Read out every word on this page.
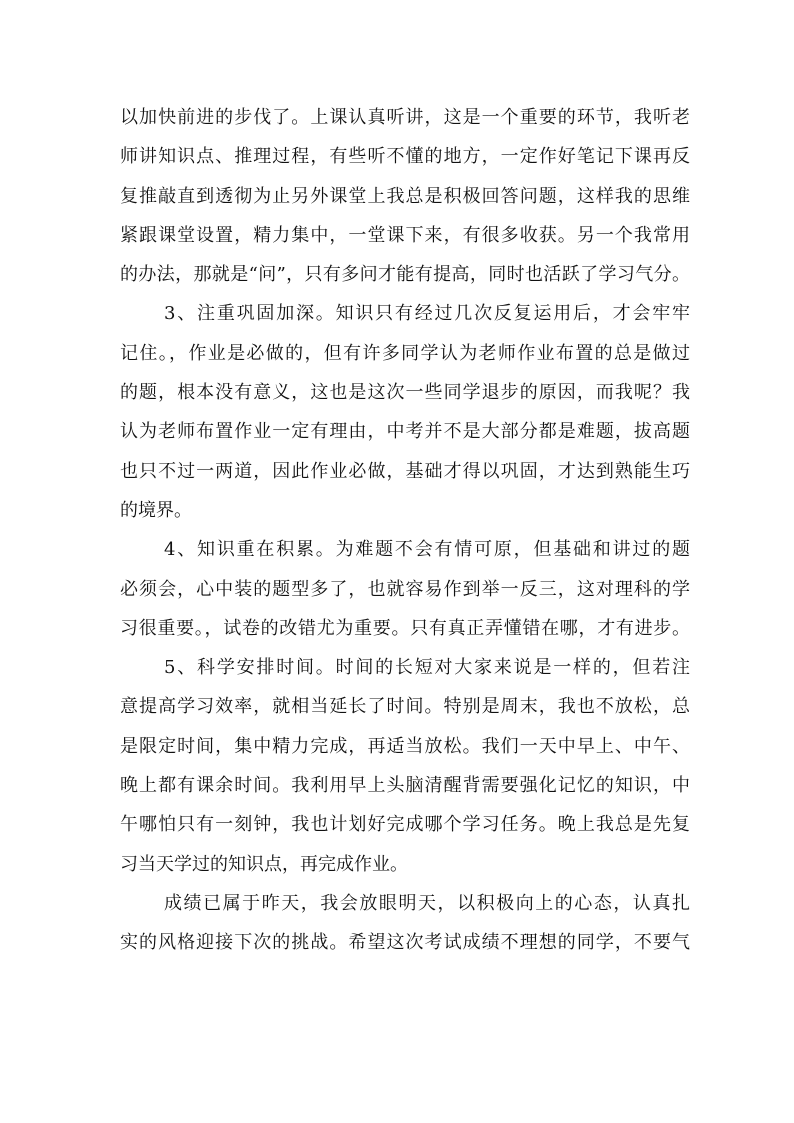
以加快前进的步伐了。上课认真听讲，这是一个重要的环节，我听老
师讲知识点、推理过程，有些听不懂的地方，一定作好笔记下课再反
复推敲直到透彻为止另外课堂上我总是积极回答问题，这样我的思维
紧跟课堂设置，精力集中，一堂课下来，有很多收获。另一个我常用
的办法，那就是“问”，只有多问才能有提高，同时也活跃了学习气分。
3、注重巩固加深。知识只有经过几次反复运用后，才会牢牢
记住。，作业是必做的，但有许多同学认为老师作业布置的总是做过
的题，根本没有意义，这也是这次一些同学退步的原因，而我呢？我
认为老师布置作业一定有理由，中考并不是大部分都是难题，拔高题
也只不过一两道，因此作业必做，基础才得以巩固，才达到熟能生巧
的境界。
4、知识重在积累。为难题不会有情可原，但基础和讲过的题
必须会，心中装的题型多了，也就容易作到举一反三，这对理科的学
习很重要。，试卷的改错尤为重要。只有真正弄懂错在哪，才有进步。
5、科学安排时间。时间的长短对大家来说是一样的，但若注
意提高学习效率，就相当延长了时间。特别是周末，我也不放松，总
是限定时间，集中精力完成，再适当放松。我们一天中早上、中午、
晚上都有课余时间。我利用早上头脑清醒背需要强化记忆的知识，中
午哪怕只有一刻钟，我也计划好完成哪个学习任务。晚上我总是先复
习当天学过的知识点，再完成作业。
成绩已属于昨天，我会放眼明天，以积极向上的心态，认真扎
实的风格迎接下次的挑战。希望这次考试成绩不理想的同学，不要气
